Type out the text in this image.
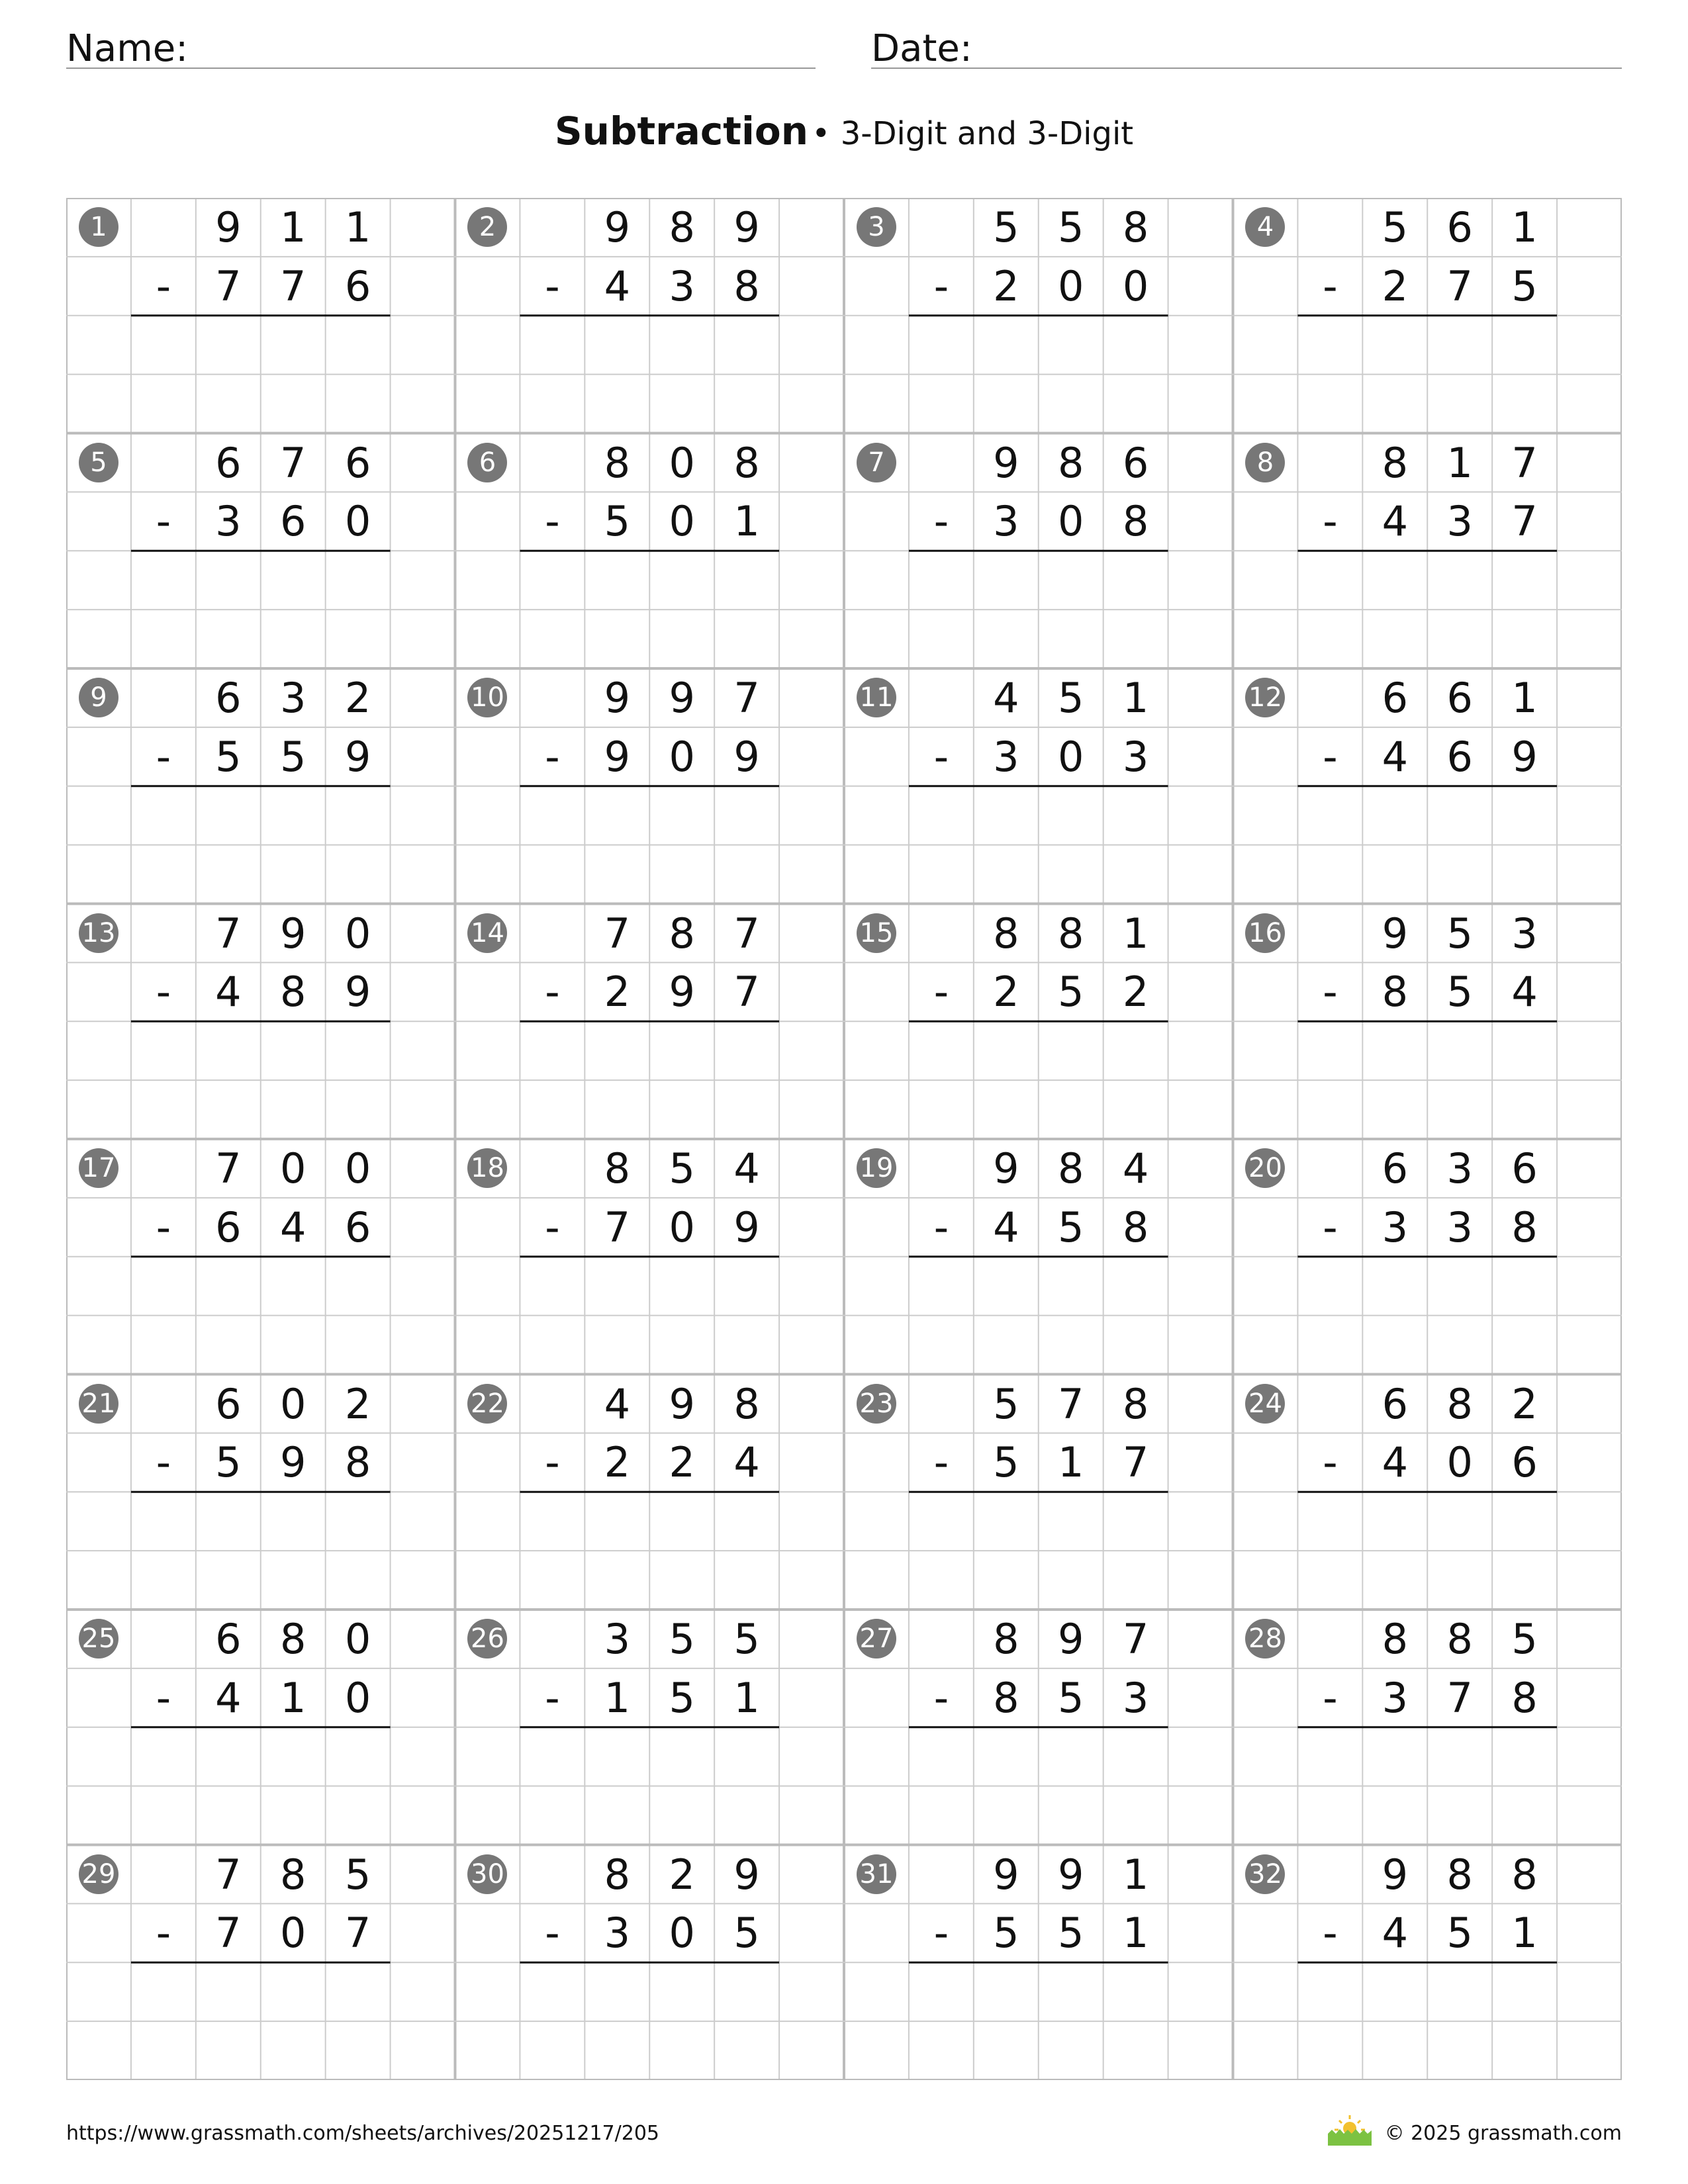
Name:	Date:
Subtraction • 3-Digit and 3-Digit
1	9 1 1
-	7 7 6
2	9 8 9
-	4 3 8
3	5 5 8
-	2 0 0
4	5 6 1
-	2 7 5
5	6 7 6
-	3 6 0
6	8 0 8
-	5 0 1
7	9 8 6
-	3 0 8
8	8 1 7
-	4 3 7
9	6 3 2
-	5 5 9
10	9 9 7
-	9 0 9
11	4 5 1
-	3 0 3
12	6 6 1
-	4 6 9
13	7 9 0
-	4 8 9
14	7 8 7
-	2 9 7
15	8 8 1
-	2 5 2
16	9 5 3
-	8 5 4
17	7 0 0
-	6 4 6
18	8 5 4
-	7 0 9
19	9 8 4
-	4 5 8
20	6 3 6
-	3 3 8
21	6 0 2
-	5 9 8
22	4 9 8
-	2 2 4
23	5 7 8
-	5 1 7
24	6 8 2
-	4 0 6
25	6 8 0
-	4 1 0
26	3 5 5
-	1 5 1
27	8 9 7
-	8 5 3
28	8 8 5
-	3 7 8
29	7 8 5
-	7 0 7
30	8 2 9
-	3 0 5
31	9 9 1
-	5 5 1
32	9 8 8
-	4 5 1
https://www.grassmath.com/sheets/archives/20251217/205	© 2025 grassmath.com
